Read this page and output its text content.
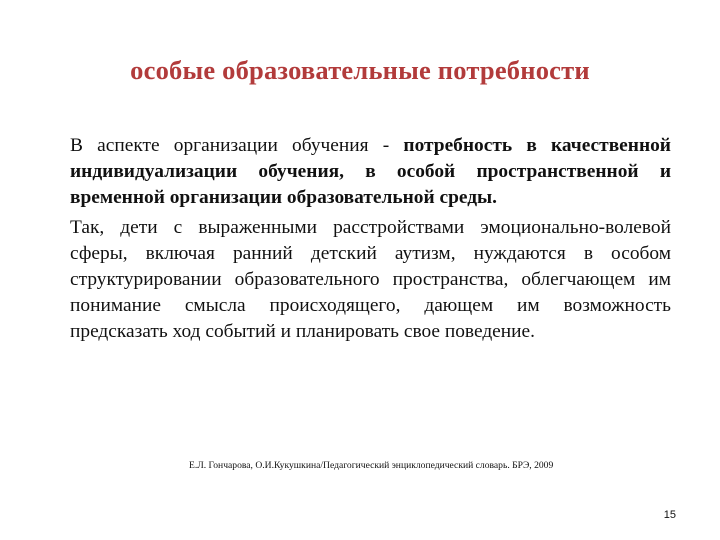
особые образовательные потребности

В аспекте организации обучения - потребность в качественной индивидуализации обучения, в особой пространственной и временной организации образовательной среды.

Так, дети с выраженными расстройствами эмоционально-волевой сферы, включая ранний детский аутизм, нуждаются в особом структурировании образовательного пространства, облегчающем им понимание смысла происходящего, дающем им возможность предсказать ход событий и планировать свое поведение.

Е.Л. Гончарова, О.И.Кукушкина/Педагогический энциклопедический словарь. БРЭ, 2009
15
